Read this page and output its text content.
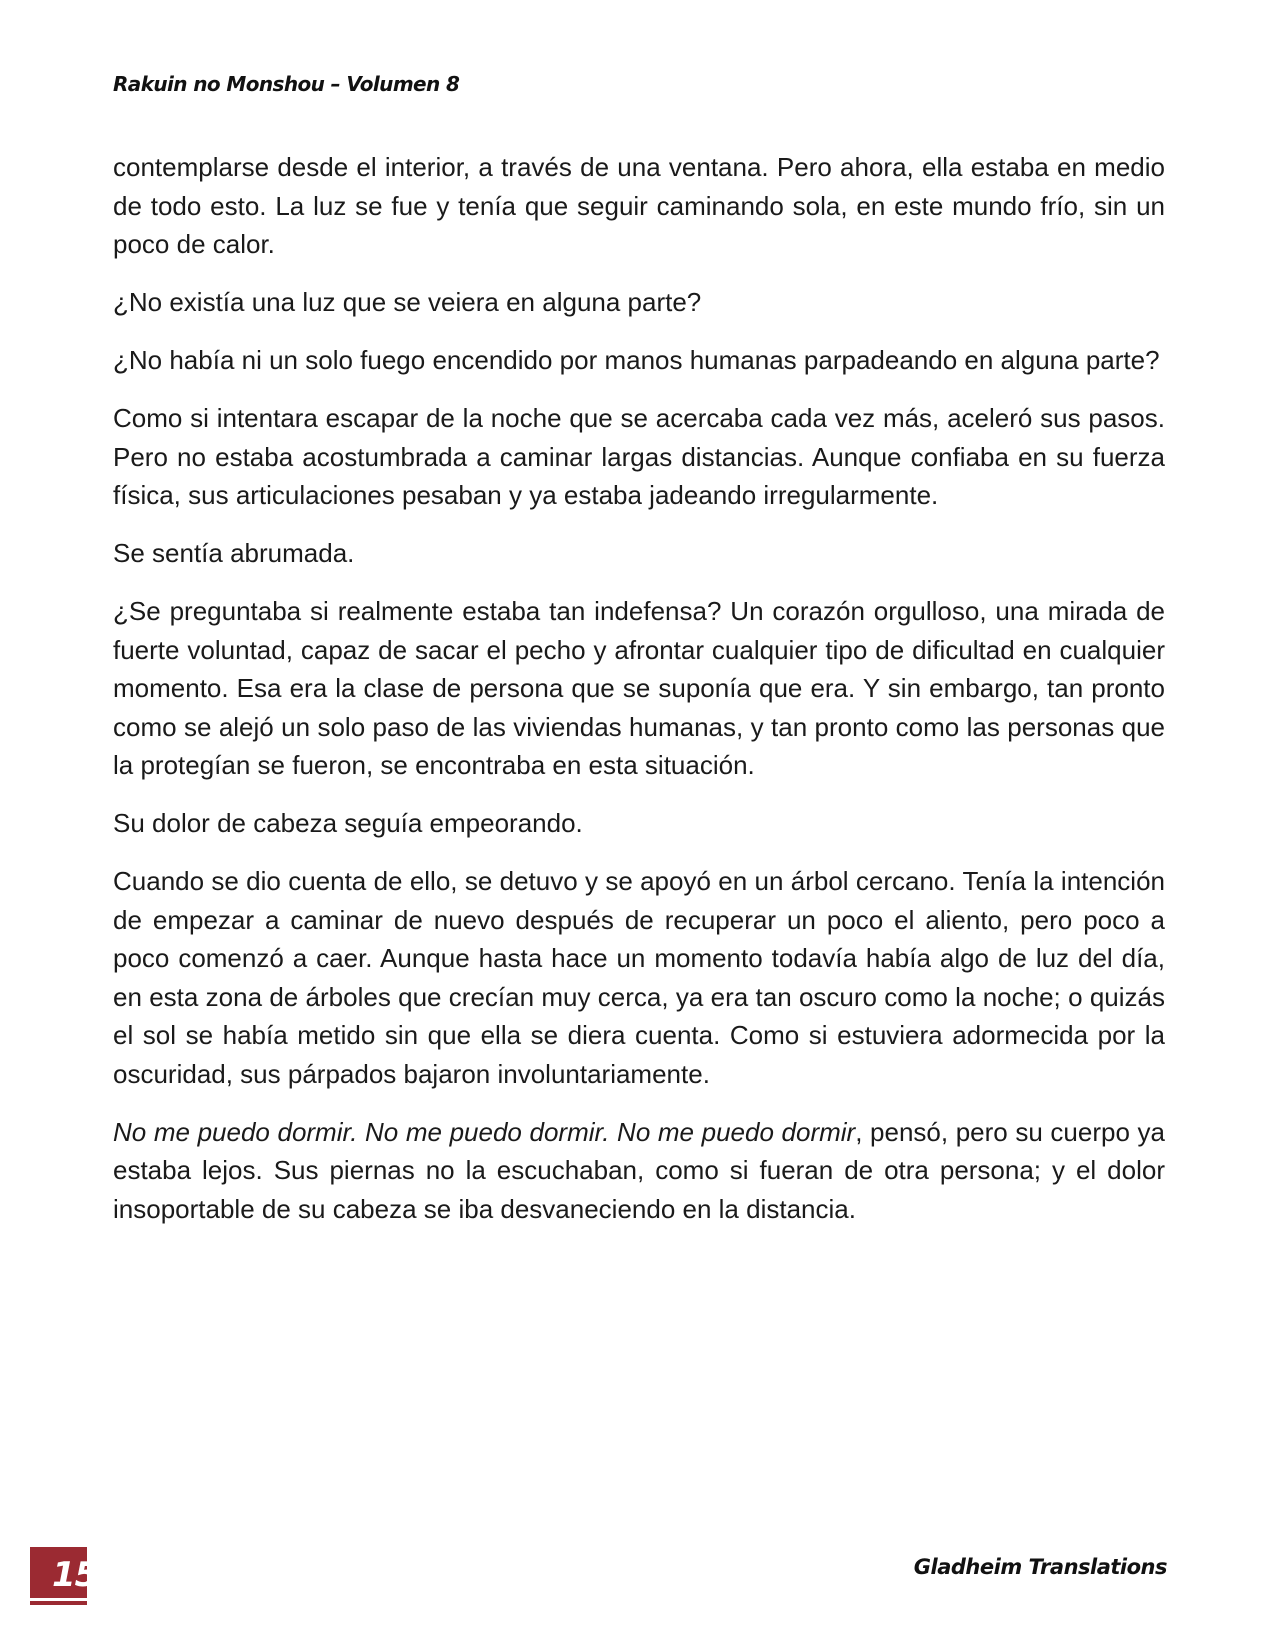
Rakuin no Monshou – Volumen 8

contemplarse desde el interior, a través de una ventana. Pero ahora, ella estaba en medio de todo esto. La luz se fue y tenía que seguir caminando sola, en este mundo frío, sin un poco de calor.

¿No existía una luz que se veiera en alguna parte?

¿No había ni un solo fuego encendido por manos humanas parpadeando en alguna parte?

Como si intentara escapar de la noche que se acercaba cada vez más, aceleró sus pasos. Pero no estaba acostumbrada a caminar largas distancias. Aunque confiaba en su fuerza física, sus articulaciones pesaban y ya estaba jadeando irregularmente.

Se sentía abrumada.

¿Se preguntaba si realmente estaba tan indefensa? Un corazón orgulloso, una mirada de fuerte voluntad, capaz de sacar el pecho y afrontar cualquier tipo de dificultad en cualquier momento. Esa era la clase de persona que se suponía que era. Y sin embargo, tan pronto como se alejó un solo paso de las viviendas humanas, y tan pronto como las personas que la protegían se fueron, se encontraba en esta situación.

Su dolor de cabeza seguía empeorando.

Cuando se dio cuenta de ello, se detuvo y se apoyó en un árbol cercano. Tenía la intención de empezar a caminar de nuevo después de recuperar un poco el aliento, pero poco a poco comenzó a caer. Aunque hasta hace un momento todavía había algo de luz del día, en esta zona de árboles que crecían muy cerca, ya era tan oscuro como la noche; o quizás el sol se había metido sin que ella se diera cuenta. Como si estuviera adormecida por la oscuridad, sus párpados bajaron involuntariamente.

No me puedo dormir. No me puedo dormir. No me puedo dormir, pensó, pero su cuerpo ya estaba lejos. Sus piernas no la escuchaban, como si fueran de otra persona; y el dolor insoportable de su cabeza se iba desvaneciendo en la distancia.

15	Gladheim Translations
